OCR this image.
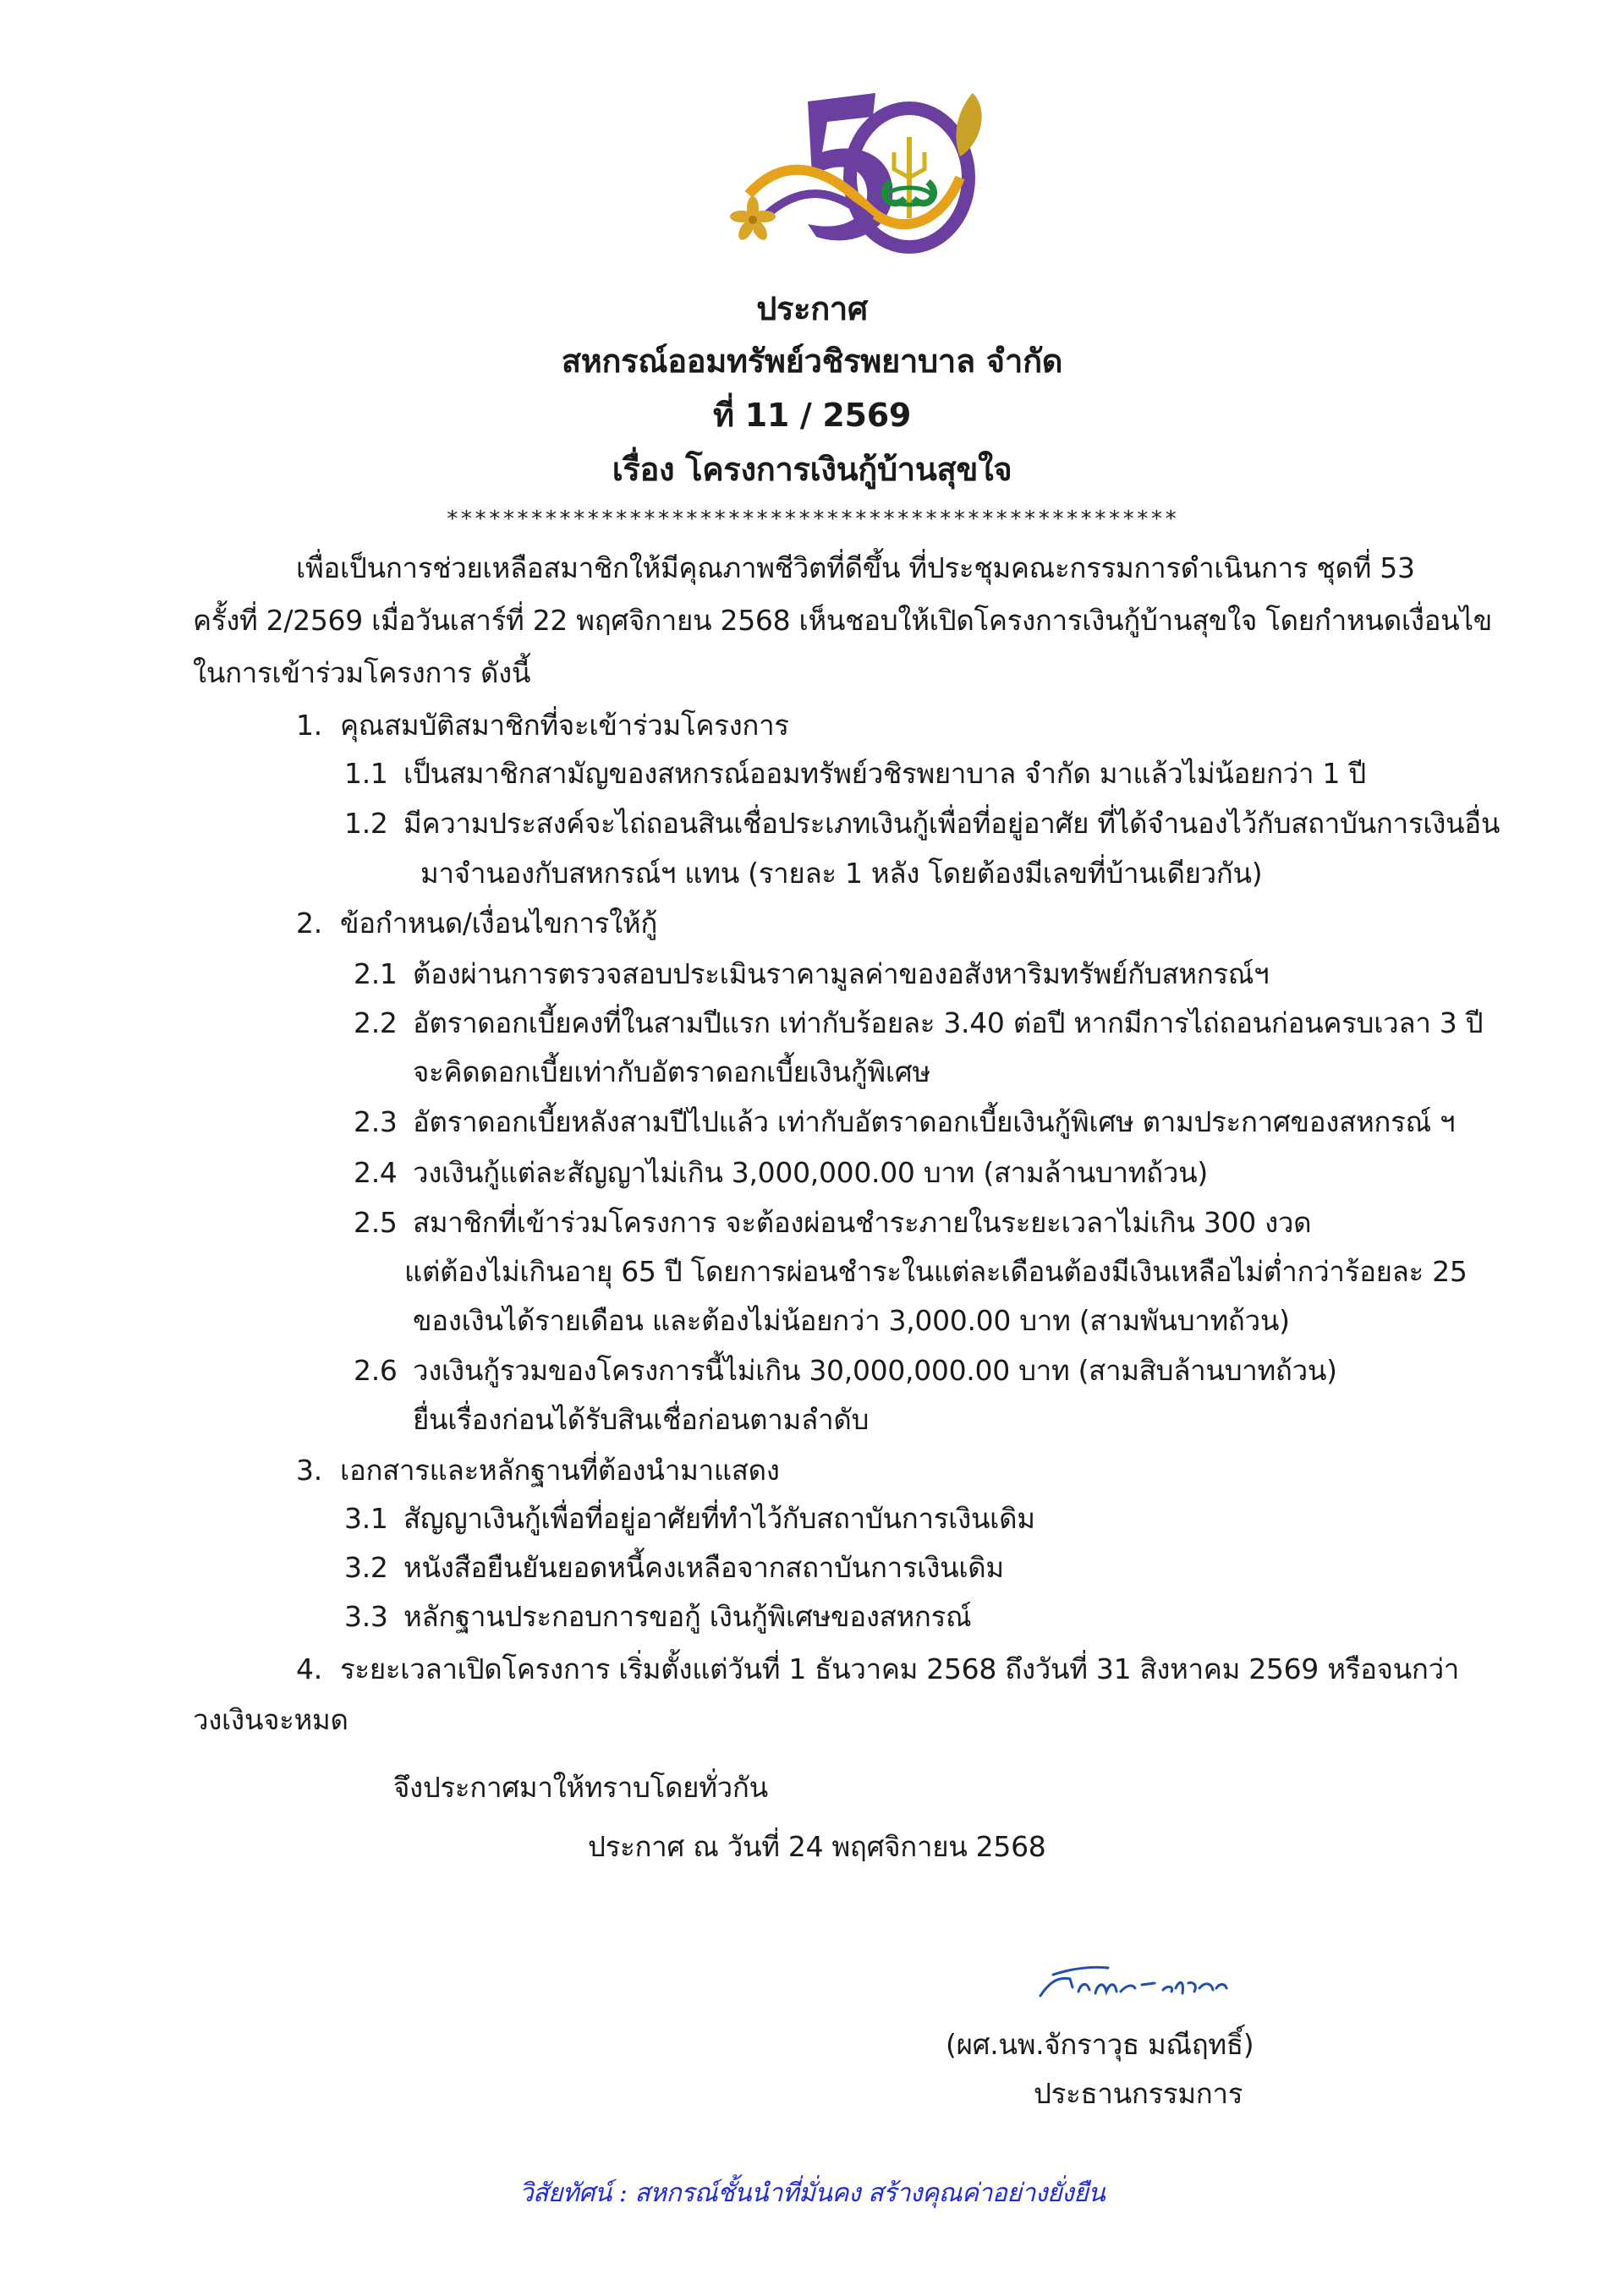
ประกาศ
สหกรณ์ออมทรัพย์วชิรพยาบาล จำกัด
ที่ 11 / 2569
เรื่อง โครงการเงินกู้บ้านสุขใจ
****************************************************
เพื่อเป็นการช่วยเหลือสมาชิกให้มีคุณภาพชีวิตที่ดีขึ้น ที่ประชุมคณะกรรมการดำเนินการ ชุดที่ 53
ครั้งที่ 2/2569 เมื่อวันเสาร์ที่ 22 พฤศจิกายน 2568 เห็นชอบให้เปิดโครงการเงินกู้บ้านสุขใจ โดยกำหนดเงื่อนไข
ในการเข้าร่วมโครงการ ดังนี้
1. คุณสมบัติสมาชิกที่จะเข้าร่วมโครงการ
1.1 เป็นสมาชิกสามัญของสหกรณ์ออมทรัพย์วชิรพยาบาล จำกัด มาแล้วไม่น้อยกว่า 1 ปี
1.2 มีความประสงค์จะไถ่ถอนสินเชื่อประเภทเงินกู้เพื่อที่อยู่อาศัย ที่ได้จำนองไว้กับสถาบันการเงินอื่น
มาจำนองกับสหกรณ์ฯ แทน (รายละ 1 หลัง โดยต้องมีเลขที่บ้านเดียวกัน)
2. ข้อกำหนด/เงื่อนไขการให้กู้
2.1 ต้องผ่านการตรวจสอบประเมินราคามูลค่าของอสังหาริมทรัพย์กับสหกรณ์ฯ
2.2 อัตราดอกเบี้ยคงที่ในสามปีแรก เท่ากับร้อยละ 3.40 ต่อปี หากมีการไถ่ถอนก่อนครบเวลา 3 ปี
จะคิดดอกเบี้ยเท่ากับอัตราดอกเบี้ยเงินกู้พิเศษ
2.3 อัตราดอกเบี้ยหลังสามปีไปแล้ว เท่ากับอัตราดอกเบี้ยเงินกู้พิเศษ ตามประกาศของสหกรณ์ ฯ
2.4 วงเงินกู้แต่ละสัญญาไม่เกิน 3,000,000.00 บาท (สามล้านบาทถ้วน)
2.5 สมาชิกที่เข้าร่วมโครงการ จะต้องผ่อนชำระภายในระยะเวลาไม่เกิน 300 งวด
แต่ต้องไม่เกินอายุ 65 ปี โดยการผ่อนชำระในแต่ละเดือนต้องมีเงินเหลือไม่ต่ำกว่าร้อยละ 25
ของเงินได้รายเดือน และต้องไม่น้อยกว่า 3,000.00 บาท (สามพันบาทถ้วน)
2.6 วงเงินกู้รวมของโครงการนี้ไม่เกิน 30,000,000.00 บาท (สามสิบล้านบาทถ้วน)
ยื่นเรื่องก่อนได้รับสินเชื่อก่อนตามลำดับ
3. เอกสารและหลักฐานที่ต้องนำมาแสดง
3.1 สัญญาเงินกู้เพื่อที่อยู่อาศัยที่ทำไว้กับสถาบันการเงินเดิม
3.2 หนังสือยืนยันยอดหนี้คงเหลือจากสถาบันการเงินเดิม
3.3 หลักฐานประกอบการขอกู้ เงินกู้พิเศษของสหกรณ์
4. ระยะเวลาเปิดโครงการ เริ่มตั้งแต่วันที่ 1 ธันวาคม 2568 ถึงวันที่ 31 สิงหาคม 2569 หรือจนกว่า
วงเงินจะหมด
จึงประกาศมาให้ทราบโดยทั่วกัน
ประกาศ ณ วันที่ 24 พฤศจิกายน 2568
(ผศ.นพ.จักราวุธ มณีฤทธิ์)
ประธานกรรมการ
วิสัยทัศน์ : สหกรณ์ชั้นนำที่มั่นคง สร้างคุณค่าอย่างยั่งยืน
